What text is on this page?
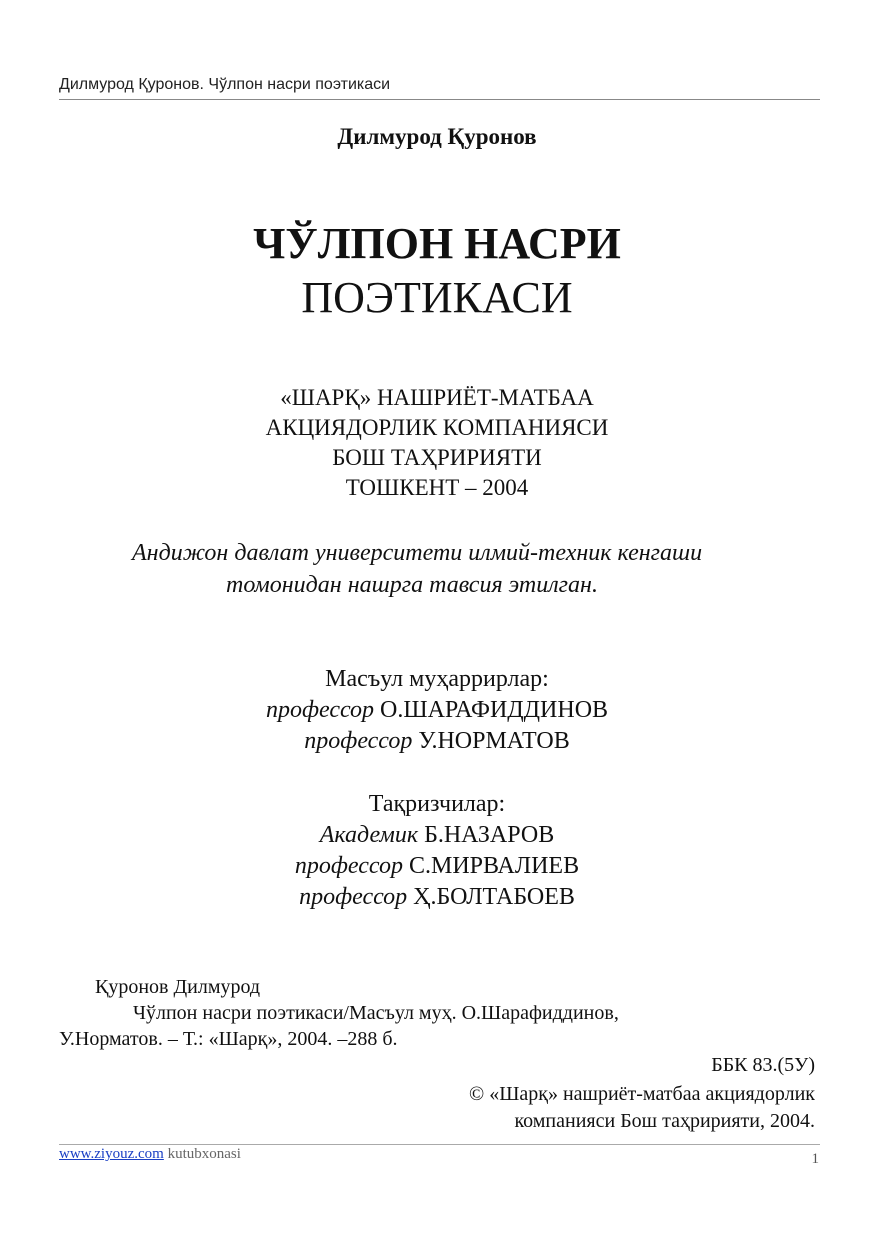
Дилмурод Қуронов. Чўлпон насри поэтикаси
Дилмурод Қуронов
ЧЎЛПОН НАСРИ
ПОЭТИКАСИ
«ШАРҚ» НАШРИЁТ-МАТБАА
АКЦИЯДОРЛИК КОМПАНИЯСИ
БОШ ТАҲРИРИЯТИ
ТОШКЕНТ – 2004
Андижон давлат университети илмий-техник кенгаши
томонидан нашрга тавсия этилган.
Масъул муҳаррирлар:
профессор О.ШАРАФИДДИНОВ
профессор У.НОРМАТОВ
Тақризчилар:
Академик Б.НАЗАРОВ
профессор С.МИРВАЛИЕВ
профессор Ҳ.БОЛТАБОЕВ
Қуронов Дилмурод
Чўлпон насри поэтикаси/Масъул муҳ. О.Шарафиддинов,
У.Норматов. – Т.: «Шарқ», 2004. –288 б.
ББК 83.(5У)
© «Шарқ» нашриёт-матбаа акциядорлик
компанияси Бош таҳририяти, 2004.
www.ziyouz.com kutubxonasi	1
